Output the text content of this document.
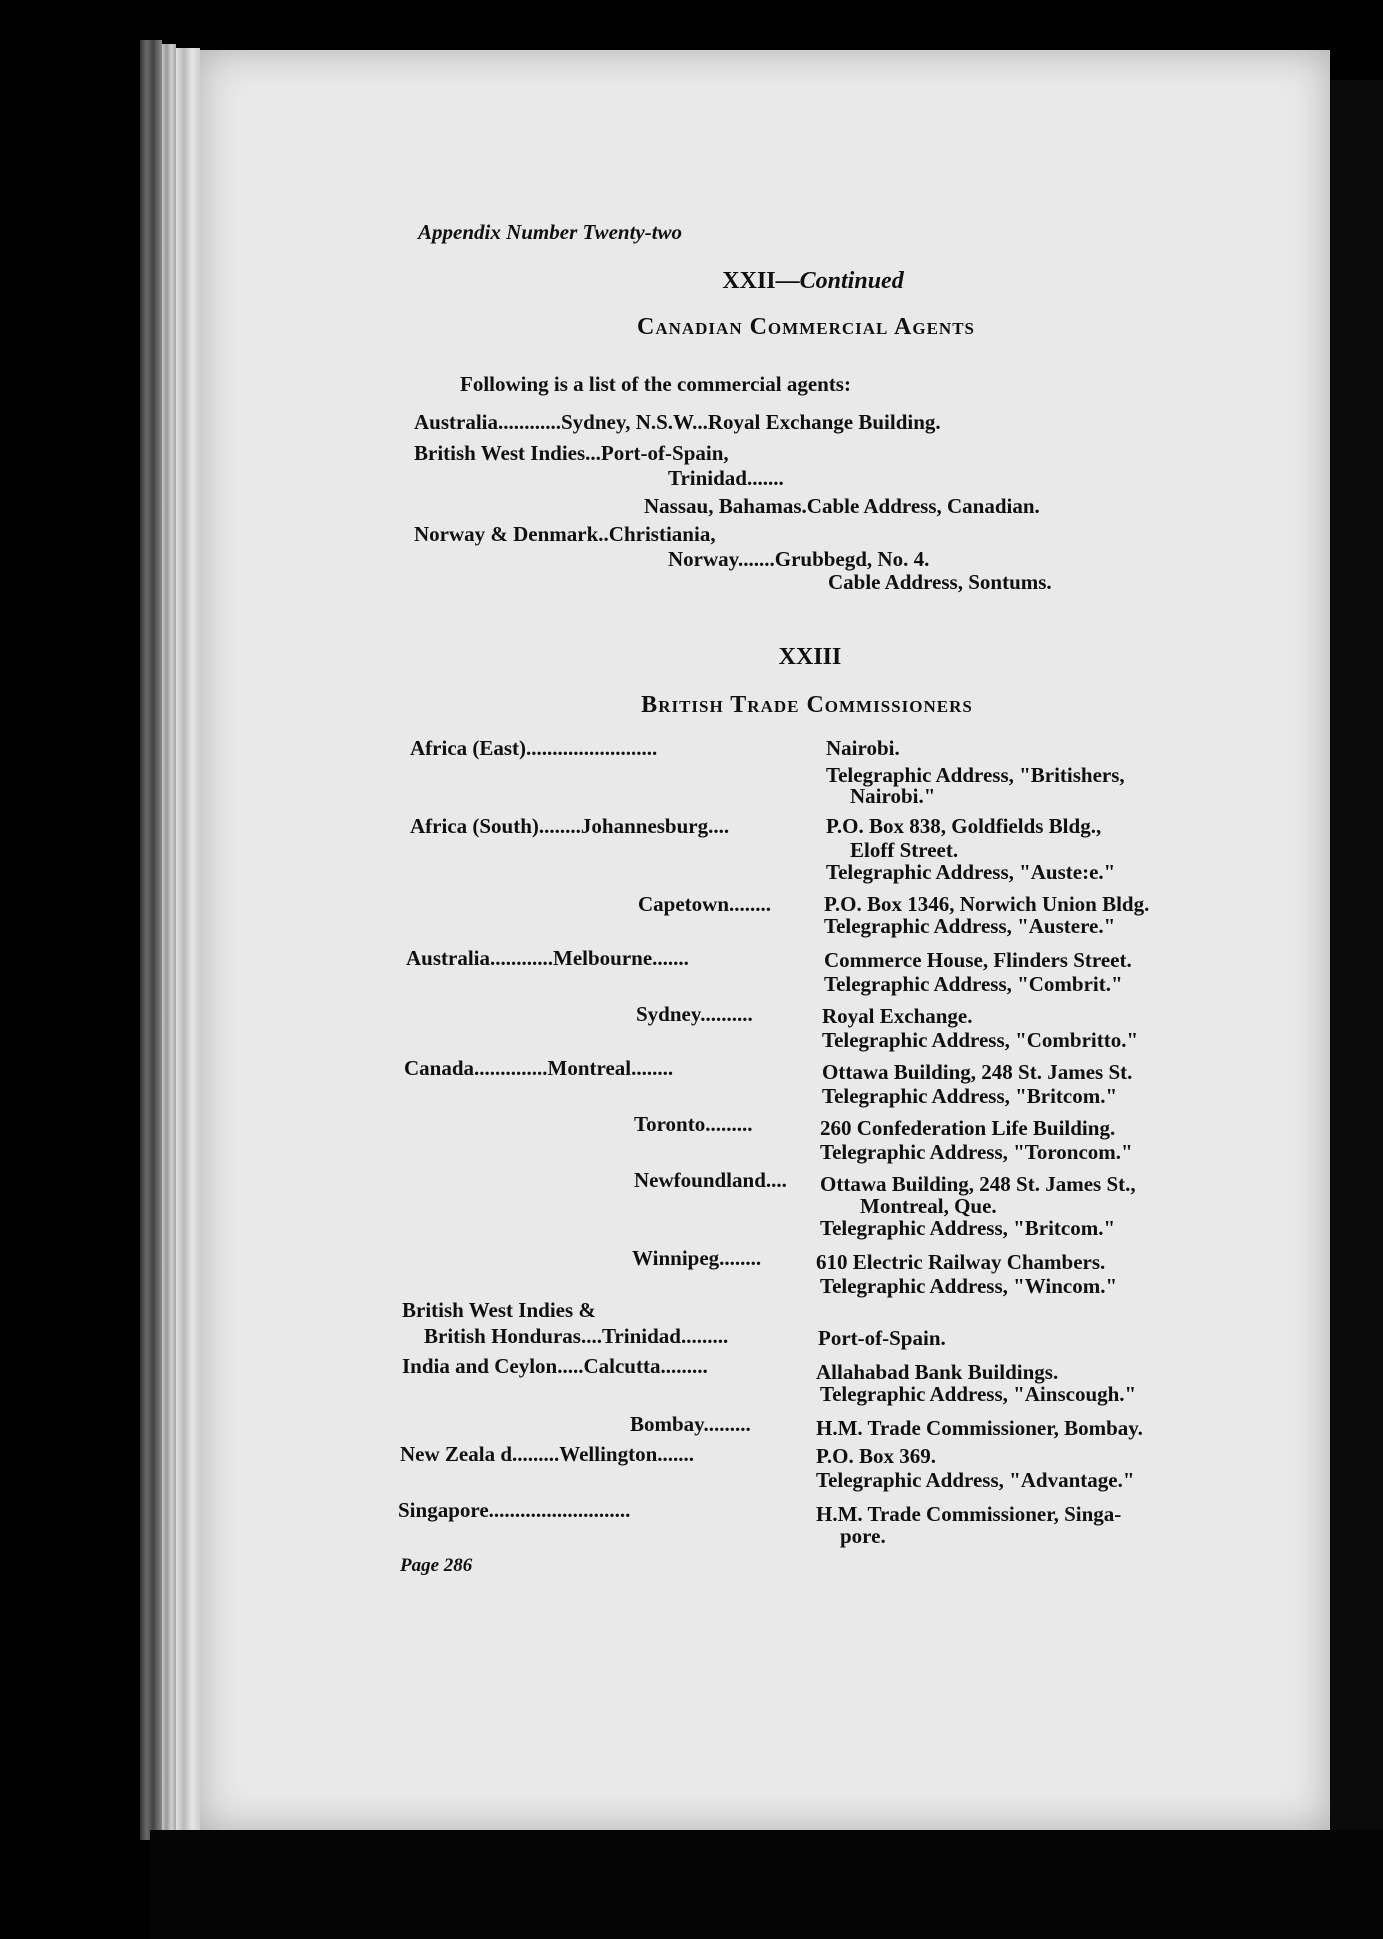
Appendix Number Twenty-two
XXII—Continued
Canadian Commercial Agents
Following is a list of the commercial agents:
Australia............Sydney, N.S.W...Royal Exchange Building.
British West Indies...Port-of-Spain,
Trinidad.......
Nassau, Bahamas.Cable Address, Canadian.
Norway & Denmark..Christiania,
Norway.......Grubbegd, No. 4.
Cable Address, Sontums.
XXIII
British Trade Commissioners
Africa (East).........................	Nairobi.
Telegraphic Address, "Britishers,
Nairobi."
Africa (South)........Johannesburg....	P.O. Box 838, Goldfields Bldg.,
Eloff Street.
Telegraphic Address, "Auste:e."
Capetown........	P.O. Box 1346, Norwich Union Bldg.
Telegraphic Address, "Austere."
Australia............Melbourne.......	Commerce House, Flinders Street.
Telegraphic Address, "Combrit."
Sydney..........	Royal Exchange.
Telegraphic Address, "Combritto."
Canada..............Montreal........	Ottawa Building, 248 St. James St.
Telegraphic Address, "Britcom."
Toronto.........	260 Confederation Life Building.
Telegraphic Address, "Toroncom."
Newfoundland.... Ottawa Building, 248 St. James St.,
Montreal, Que.
Telegraphic Address, "Britcom."
Winnipeg........	610 Electric Railway Chambers.
Telegraphic Address, "Wincom."
British West Indies &
British Honduras....Trinidad.........	Port-of-Spain.
India and Ceylon.....Calcutta.........	Allahabad Bank Buildings.
Telegraphic Address, "Ainscough."
Bombay.........	H.M. Trade Commissioner, Bombay.
New Zeala d.........Wellington.......	P.O. Box 369.
Telegraphic Address, "Advantage."
Singapore...........................	H.M. Trade Commissioner, Singa-
pore.
Page 286
